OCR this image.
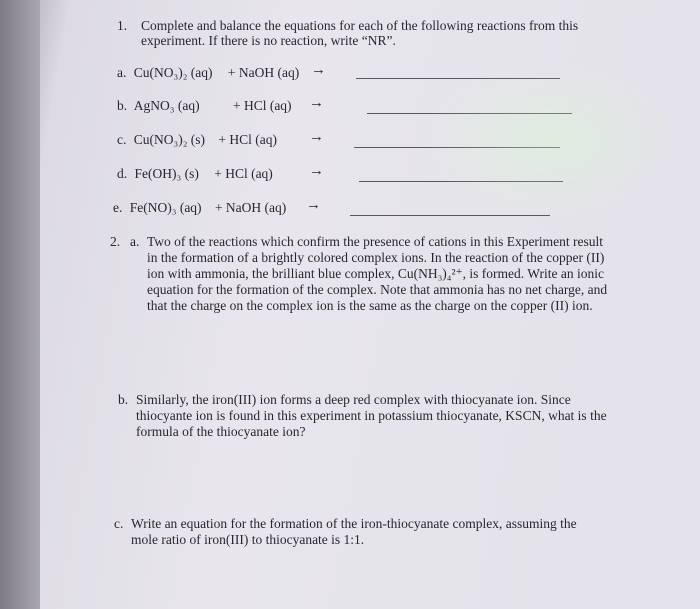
1. Complete and balance the equations for each of the following reactions from this
experiment. If there is no reaction, write “NR”.
a. Cu(NO₃)₂ (aq) + NaOH (aq) →
b. AgNO₃ (aq) + HCl (aq) →
c. Cu(NO₃)₂ (s) + HCl (aq) →
d. Fe(OH)₃ (s) + HCl (aq) →
e. Fe(NO)₃ (aq) + NaOH (aq) →
2. a. Two of the reactions which confirm the presence of cations in this Experiment result
in the formation of a brightly colored complex ions. In the reaction of the copper (II)
ion with ammonia, the brilliant blue complex, Cu(NH₃)₄²⁺, is formed. Write an ionic
equation for the formation of the complex. Note that ammonia has no net charge, and
that the charge on the complex ion is the same as the charge on the copper (II) ion.
b. Similarly, the iron(III) ion forms a deep red complex with thiocyanate ion. Since
thiocyante ion is found in this experiment in potassium thiocyanate, KSCN, what is the
formula of the thiocyanate ion?
c. Write an equation for the formation of the iron-thiocyanate complex, assuming the
mole ratio of iron(III) to thiocyanate is 1:1.
